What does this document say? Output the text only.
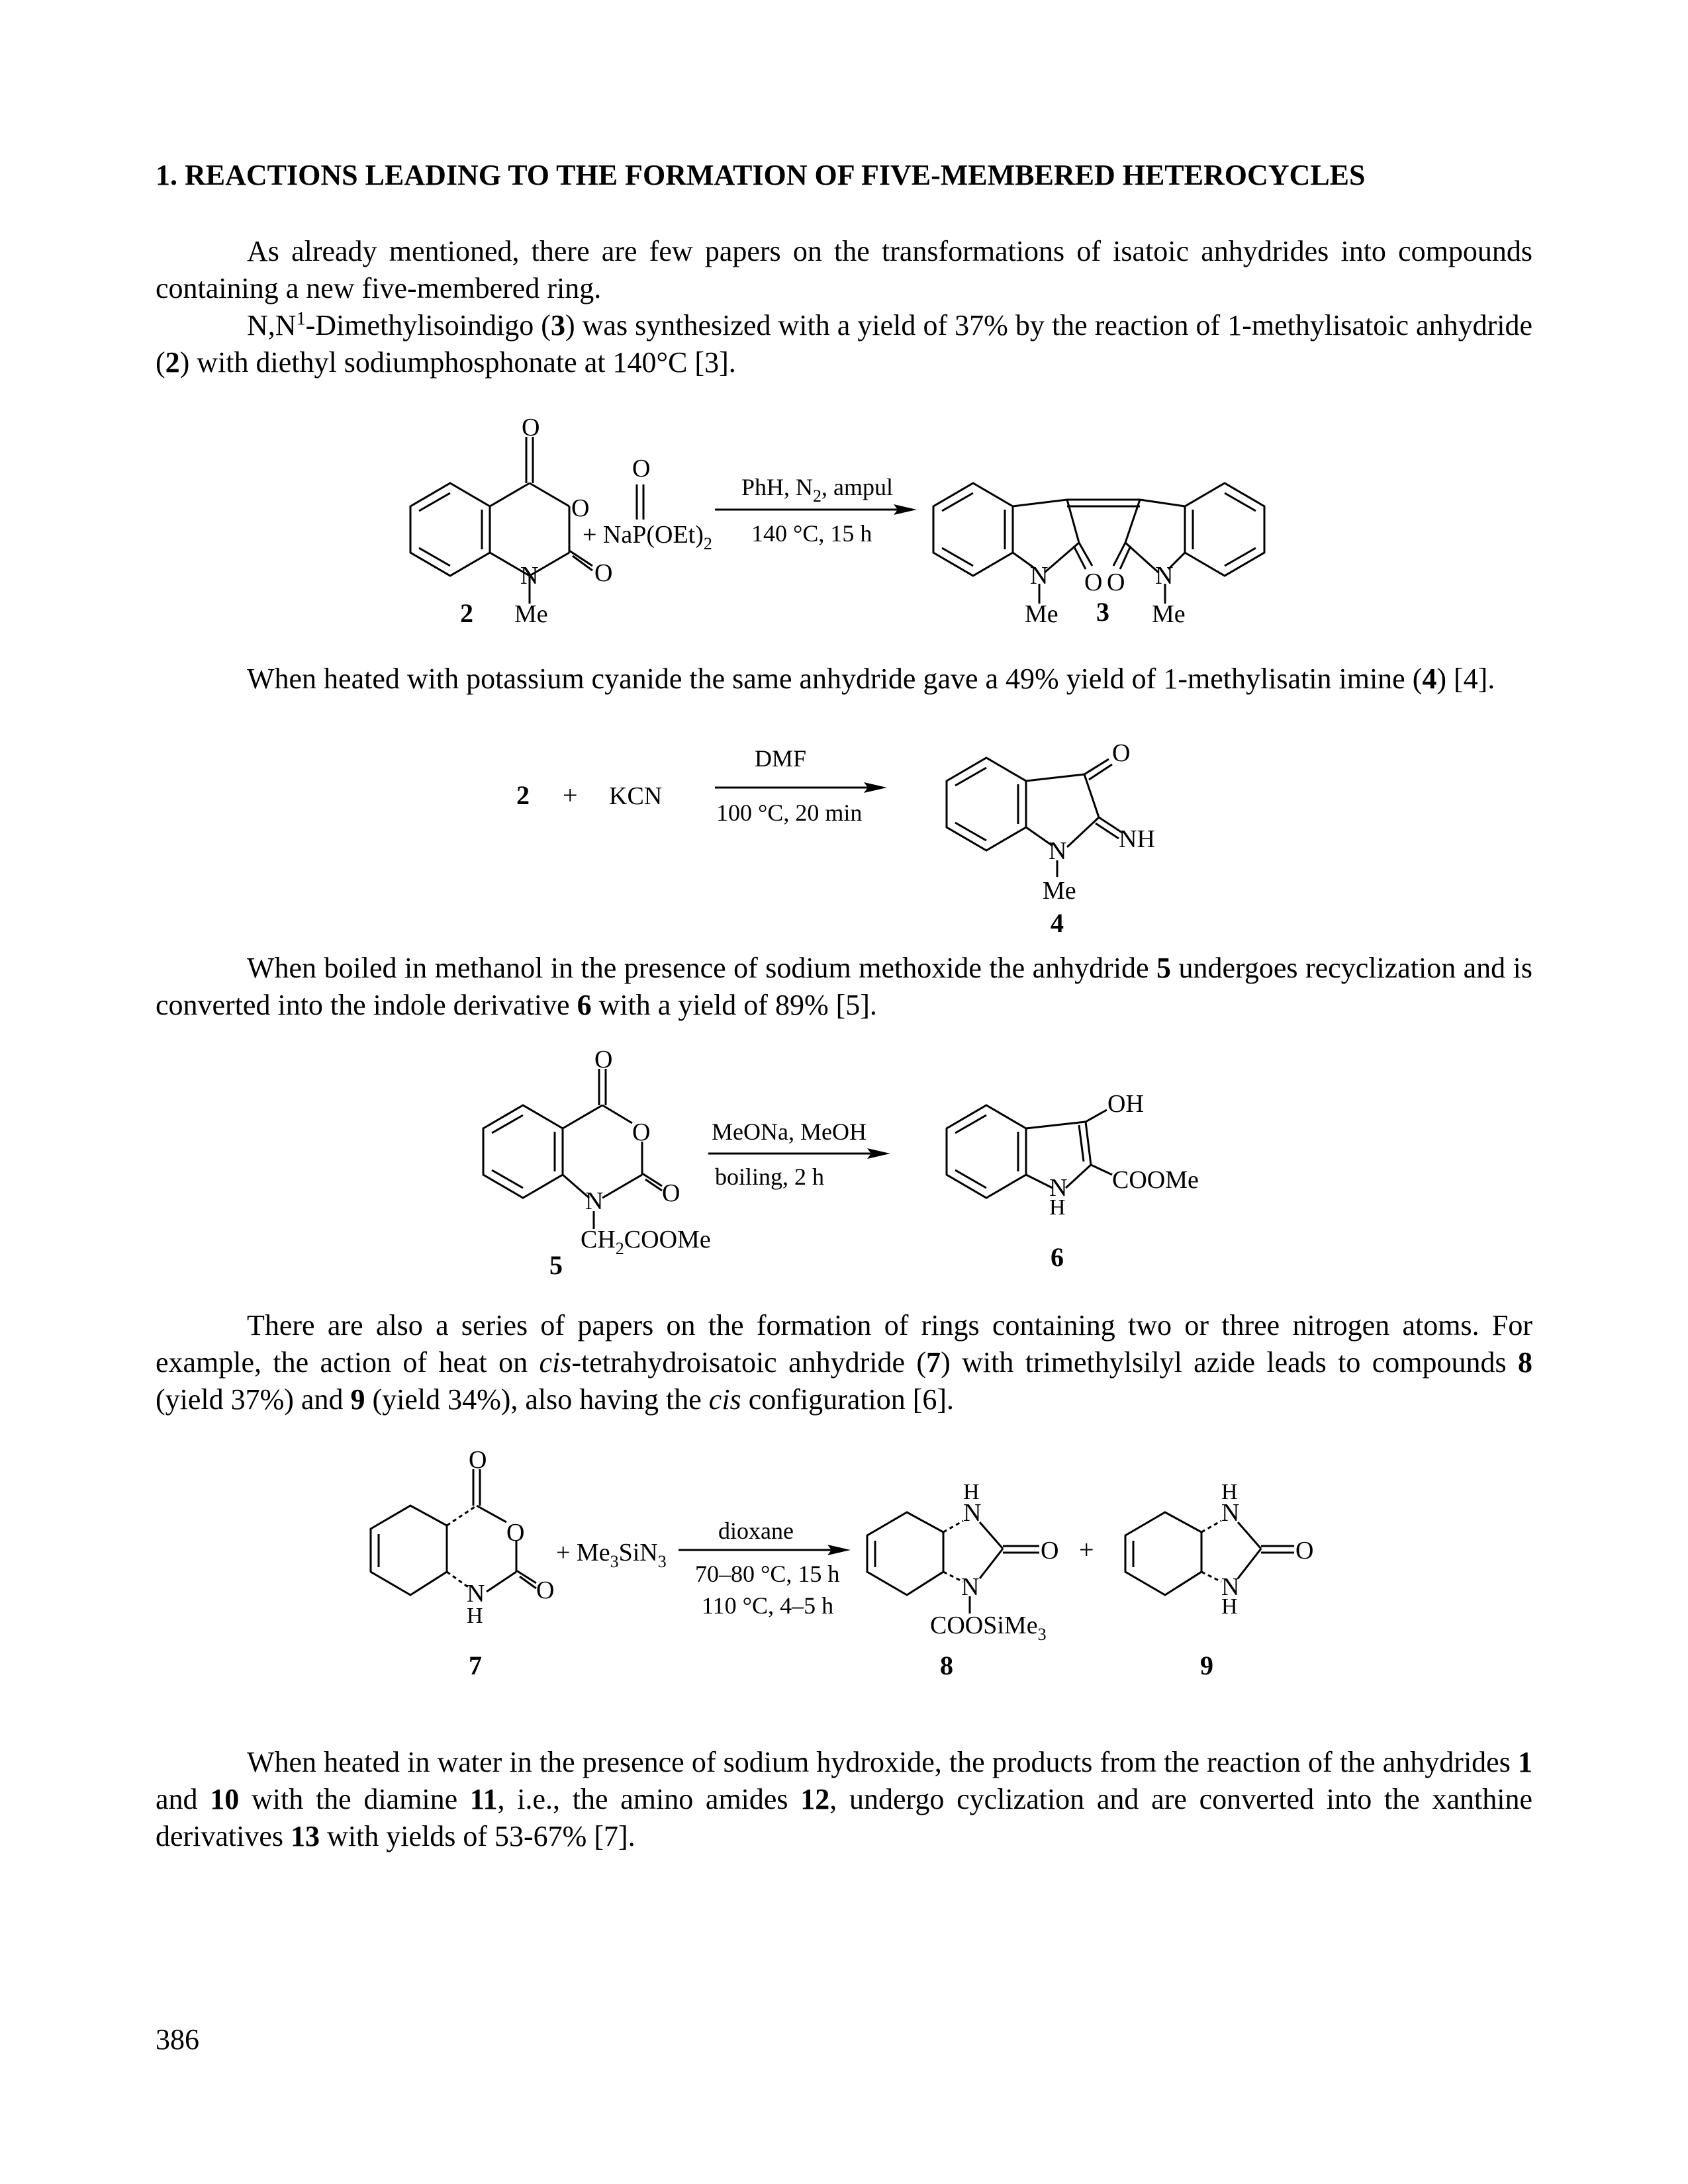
1. REACTIONS LEADING TO THE FORMATION OF FIVE-MEMBERED HETEROCYCLES
As already mentioned, there are few papers on the transformations of isatoic anhydrides into compounds containing a new five-membered ring.
$N,N^1$-Dimethylisoindigo (3) was synthesized with a yield of 37% by the reaction of 1-methylisatoic anhydride (2) with diethyl sodiumphosphonate at 140°C [3].
O
O
O
N
Me
2
O
+ $NaP(OEt)_2$
PhH, $N_2$, ampul
140 °C, 15 h
N	N
O O
Me	Me
3
When heated with potassium cyanide the same anhydride gave a 49% yield of 1-methylisatin imine (4) [4].
2 + KCN
DMF
100 °C, 20 min
O
NH
N
Me
4
When boiled in methanol in the presence of sodium methoxide the anhydride 5 undergoes recyclization and is converted into the indole derivative 6 with a yield of 89% [5].
O
O
O
N
$CH_2COOMe$
5
MeONa, MeOH
boiling, 2 h
OH
COOMe
N
H
6
There are also a series of papers on the formation of rings containing two or three nitrogen atoms. For example, the action of heat on cis-tetrahydroisatoic anhydride (7) with trimethylsilyl azide leads to compounds 8 (yield 37%) and 9 (yield 34%), also having the cis configuration [6].
O
O
O
N
H
7
+ $Me_3SiN_3$
dioxane
70–80 °C, 15 h
110 °C, 4–5 h
H
N
O
N
COOSiMe$_3$
8
+
H
N
O
N
H
9
When heated in water in the presence of sodium hydroxide, the products from the reaction of the anhydrides 1 and 10 with the diamine 11, i.e., the amino amides 12, undergo cyclization and are converted into the xanthine derivatives 13 with yields of 53-67% [7].
386
